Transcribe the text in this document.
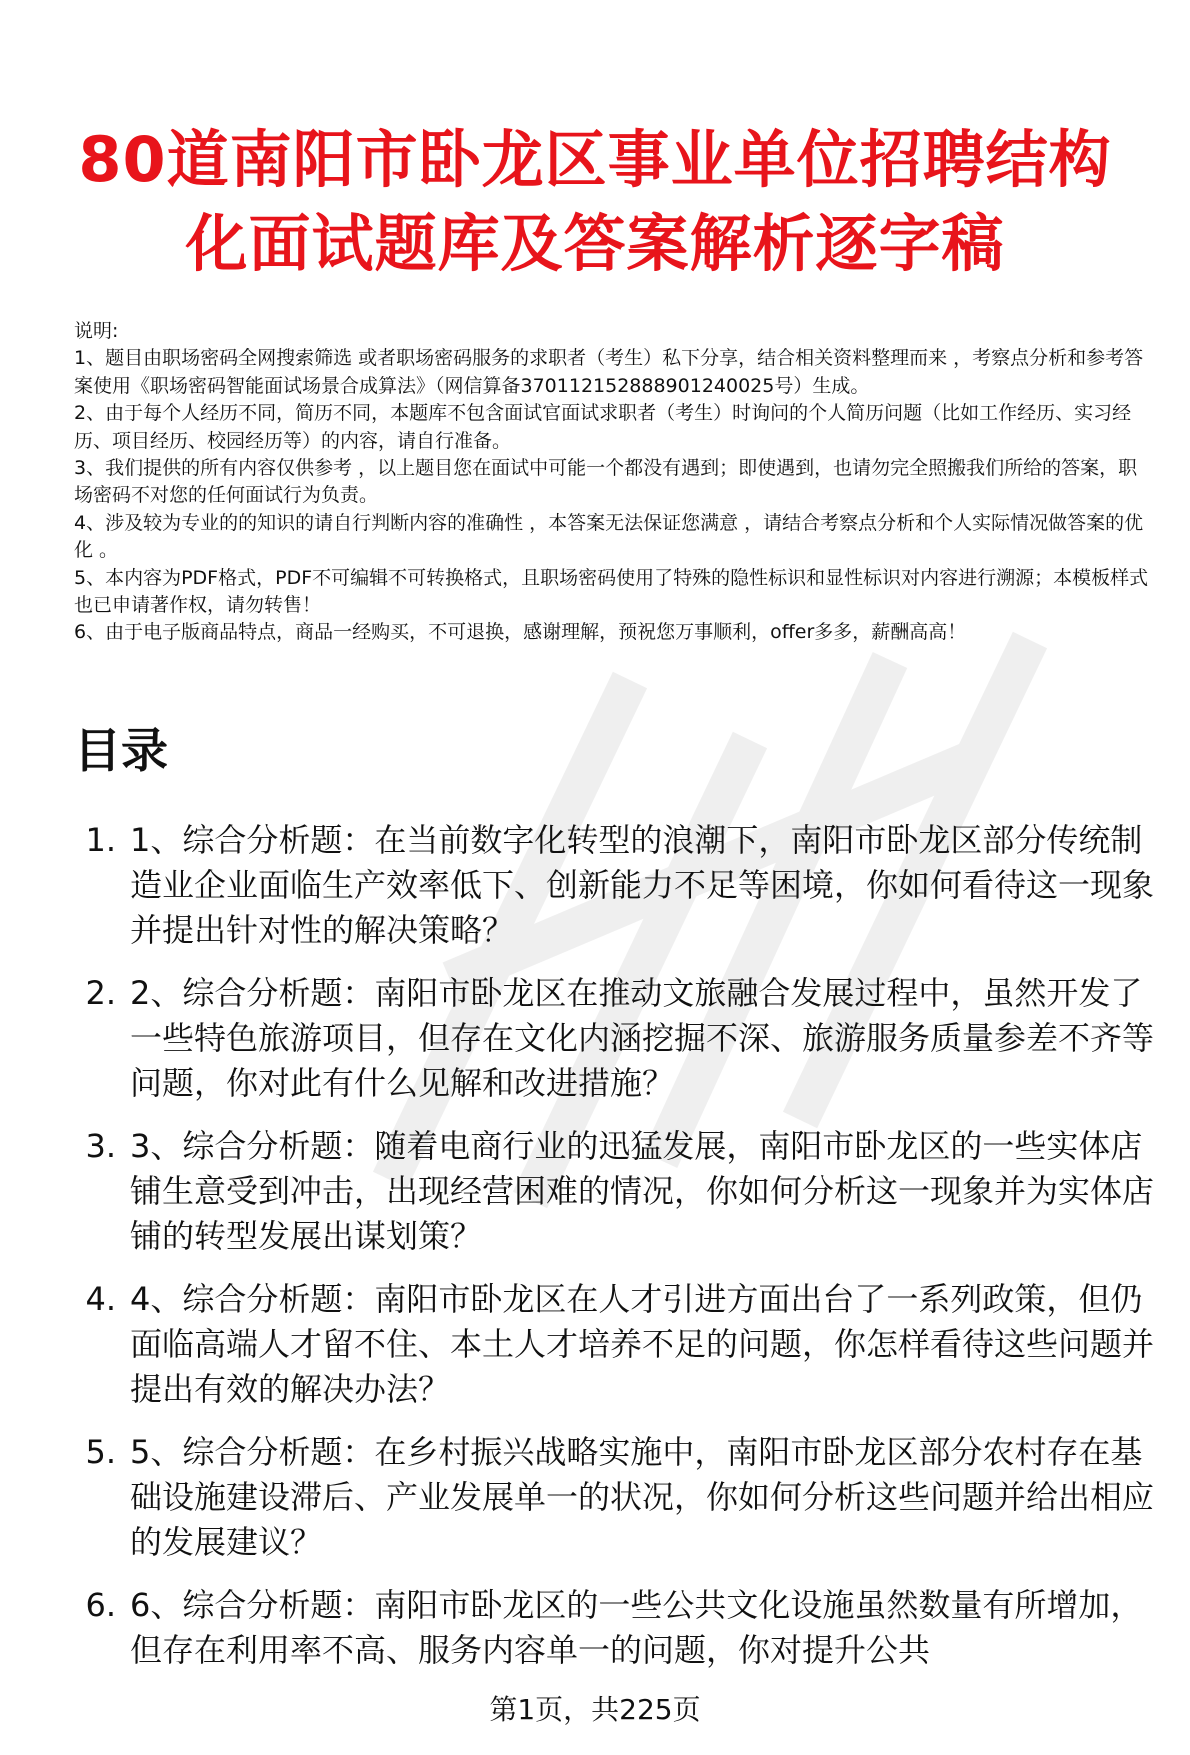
80道南阳市卧龙区事业单位招聘结构化面试题库及答案解析逐字稿

说明:

1、题目由职场密码全网搜索筛选 或者职场密码服务的求职者（考生）私下分享，结合相关资料整理而来 ，考察点分析和参考答案使用《职场密码智能面试场景合成算法》（网信算备370112152888901240025号）生成。

2、由于每个人经历不同，简历不同，本题库不包含面试官面试求职者（考生）时询问的个人简历问题（比如工作经历、实习经历、项目经历、校园经历等）的内容，请自行准备。

3、我们提供的所有内容仅供参考 ，以上题目您在面试中可能一个都没有遇到；即使遇到，也请勿完全照搬我们所给的答案，职场密码不对您的任何面试行为负责。

4、涉及较为专业的的知识的请自行判断内容的准确性 ，本答案无法保证您满意 ，请结合考察点分析和个人实际情况做答案的优化 。

5、本内容为PDF格式，PDF不可编辑不可转换格式，且职场密码使用了特殊的隐性标识和显性标识对内容进行溯源；本模板样式也已申请著作权，请勿转售！

6、由于电子版商品特点，商品一经购买，不可退换，感谢理解，预祝您万事顺利，offer多多，薪酬高高！

目录
1. 1、综合分析题：在当前数字化转型的浪潮下，南阳市卧龙区部分传统制造业企业面临生产效率低下、创新能力不足等困境，你如何看待这一现象并提出针对性的解决策略？
2. 2、综合分析题：南阳市卧龙区在推动文旅融合发展过程中，虽然开发了一些特色旅游项目，但存在文化内涵挖掘不深、旅游服务质量参差不齐等问题，你对此有什么见解和改进措施？
3. 3、综合分析题：随着电商行业的迅猛发展，南阳市卧龙区的一些实体店铺生意受到冲击，出现经营困难的情况，你如何分析这一现象并为实体店铺的转型发展出谋划策？
4. 4、综合分析题：南阳市卧龙区在人才引进方面出台了一系列政策，但仍面临高端人才留不住、本土人才培养不足的问题，你怎样看待这些问题并提出有效的解决办法？
5. 5、综合分析题：在乡村振兴战略实施中，南阳市卧龙区部分农村存在基础设施建设滞后、产业发展单一的状况，你如何分析这些问题并给出相应的发展建议？
6. 6、综合分析题：南阳市卧龙区的一些公共文化设施虽然数量有所增加，但存在利用率不高、服务内容单一的问题，你对提升公共
第1页，共225页
